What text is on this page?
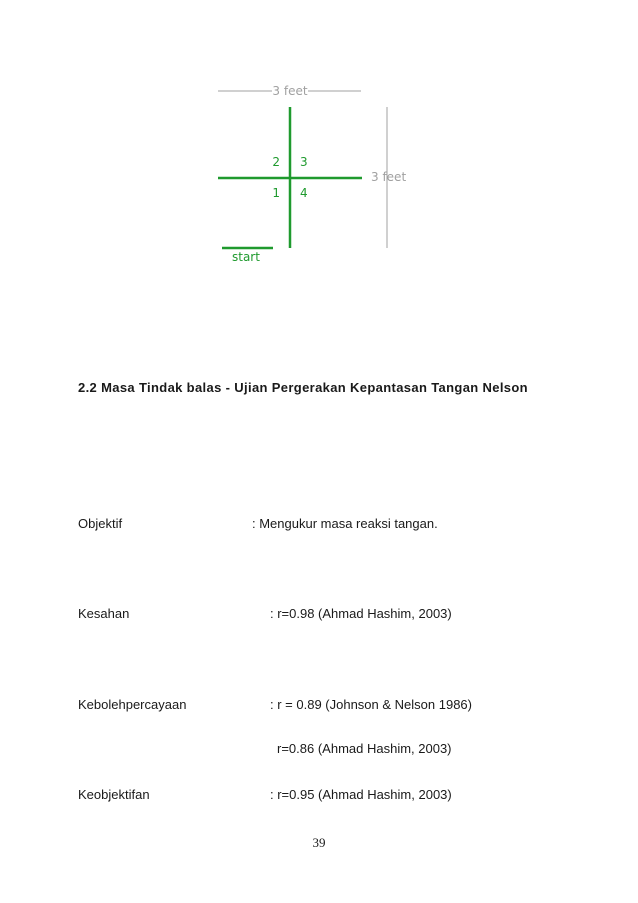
3 feet
3 feet
2 3
1 4
start
2.2 Masa Tindak balas - Ujian Pergerakan Kepantasan Tangan Nelson
Objektif	: Mengukur masa reaksi tangan.
Kesahan	: r=0.98 (Ahmad Hashim, 2003)
Kebolehpercayaan	: r = 0.89 (Johnson & Nelson 1986)
r=0.86 (Ahmad Hashim, 2003)
Keobjektifan	: r=0.95 (Ahmad Hashim, 2003)
39
